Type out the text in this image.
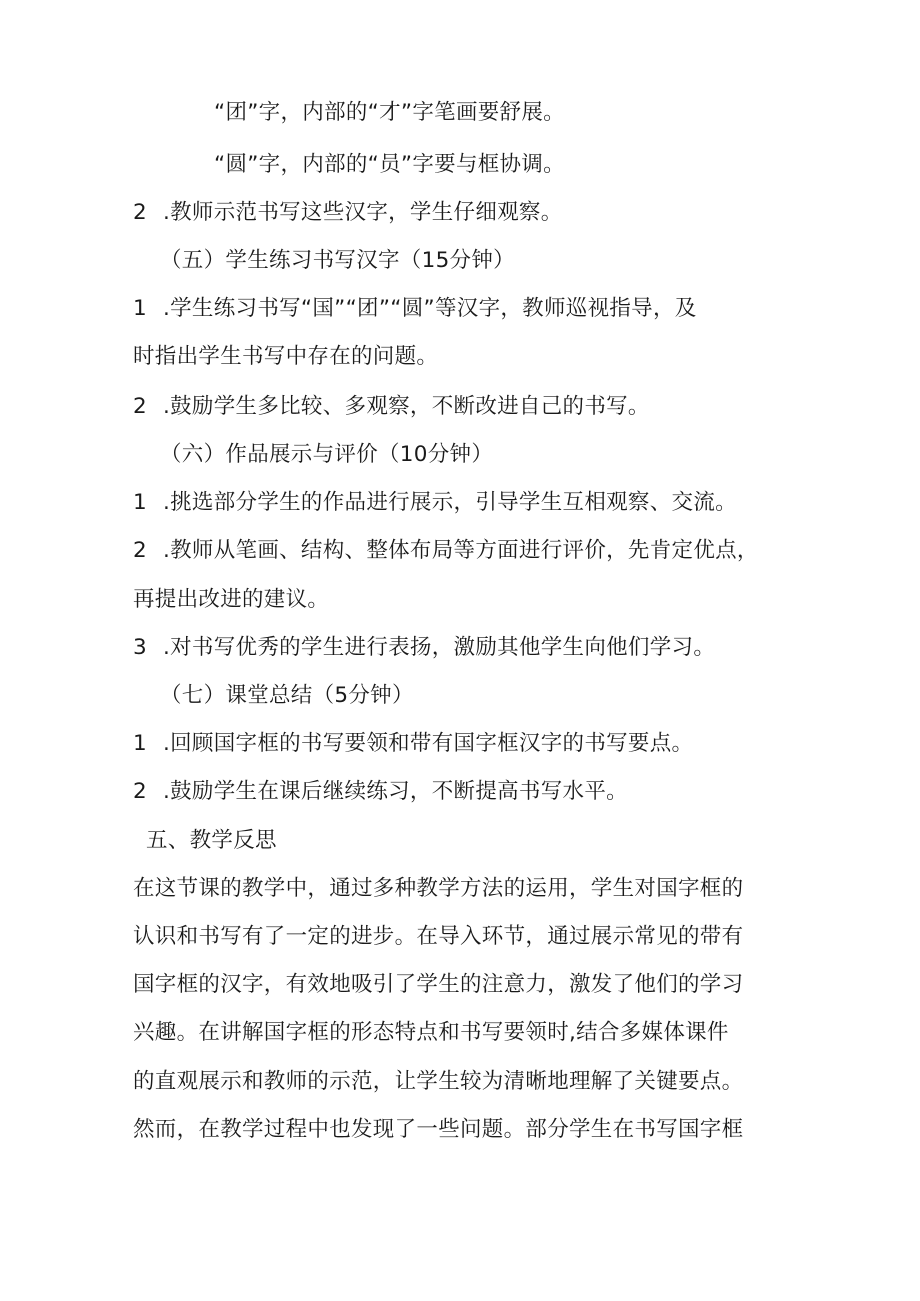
“团”字，内部的“才”字笔画要舒展。
“圆”字，内部的“员”字要与框协调。
2 .教师示范书写这些汉字，学生仔细观察。
（五）学生练习书写汉字（15分钟）
1 .学生练习书写“国”“团”“圆”等汉字，教师巡视指导，及
时指出学生书写中存在的问题。
2 .鼓励学生多比较、多观察，不断改进自己的书写。
（六）作品展示与评价（10分钟）
1 .挑选部分学生的作品进行展示，引导学生互相观察、交流。
2 .教师从笔画、结构、整体布局等方面进行评价，先肯定优点，
再提出改进的建议。
3 .对书写优秀的学生进行表扬，激励其他学生向他们学习。
（七）课堂总结（5分钟）
1 .回顾国字框的书写要领和带有国字框汉字的书写要点。
2 .鼓励学生在课后继续练习，不断提高书写水平。
五、教学反思
在这节课的教学中，通过多种教学方法的运用，学生对国字框的
认识和书写有了一定的进步。在导入环节，通过展示常见的带有
国字框的汉字，有效地吸引了学生的注意力，激发了他们的学习
兴趣。在讲解国字框的形态特点和书写要领时,结合多媒体课件
的直观展示和教师的示范，让学生较为清晰地理解了关键要点。
然而，在教学过程中也发现了一些问题。部分学生在书写国字框
